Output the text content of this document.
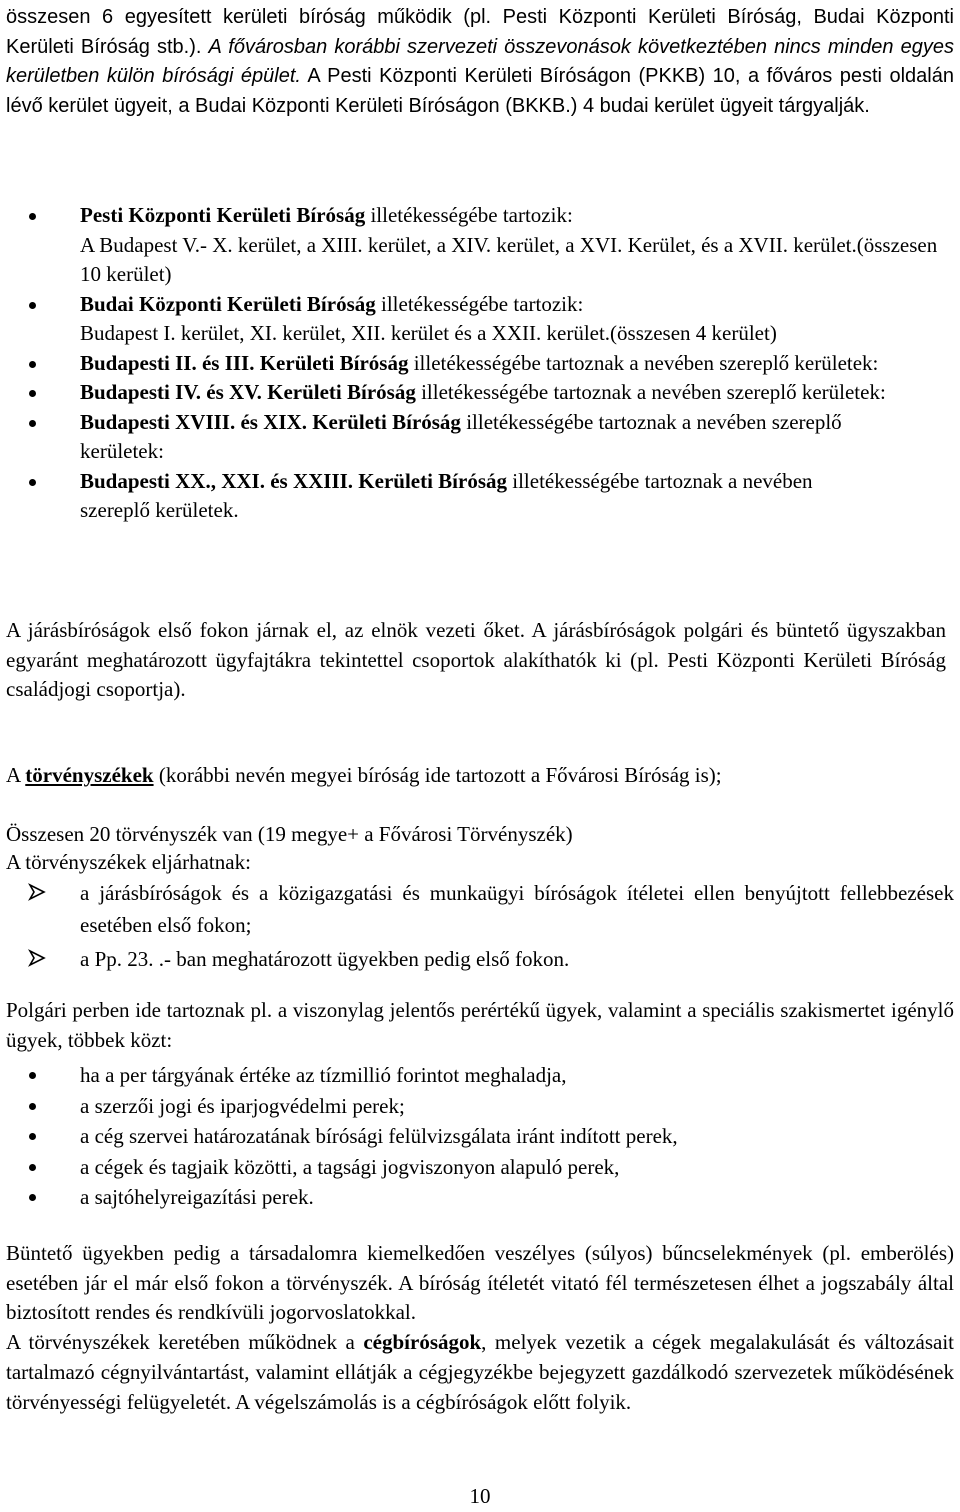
összesen 6 egyesített kerületi bíróság működik (pl. Pesti Központi Kerületi Bíróság, Budai Központi Kerületi Bíróság stb.). A fővárosban korábbi szervezeti összevonások következtében nincs minden egyes kerületben külön bírósági épület. A Pesti Központi Kerületi Bíróságon (PKKB) 10, a főváros pesti oldalán lévő kerület ügyeit, a Budai Központi Kerületi Bíróságon (BKKB.) 4 budai kerület ügyeit tárgyalják.

Pesti Központi Kerületi Bíróság illetékességébe tartozik:
A Budapest V.- X. kerület, a XIII. kerület, a XIV. kerület, a XVI. Kerület, és a XVII. kerület.(összesen 10 kerület)
Budai Központi Kerületi Bíróság illetékességébe tartozik:
Budapest I. kerület, XI. kerület, XII. kerület és a XXII. kerület.(összesen 4 kerület)
Budapesti II. és III. Kerületi Bíróság illetékességébe tartoznak a nevében szereplő kerületek:
Budapesti IV. és XV. Kerületi Bíróság illetékességébe tartoznak a nevében szereplő kerületek:
Budapesti XVIII. és XIX. Kerületi Bíróság illetékességébe tartoznak a nevében szereplő kerületek:
Budapesti XX., XXI. és XXIII. Kerületi Bíróság illetékességébe tartoznak a nevében szereplő kerületek.

A járásbíróságok első fokon járnak el, az elnök vezeti őket. A járásbíróságok polgári és büntető ügyszakban egyaránt meghatározott ügyfajtákra tekintettel csoportok alakíthatók ki (pl. Pesti Központi Kerületi Bíróság családjogi csoportja).

A törvényszékek (korábbi nevén megyei bíróság ide tartozott a Fővárosi Bíróság is);

Összesen 20 törvényszék van (19 megye+ a Fővárosi Törvényszék)

A törvényszékek eljárhatnak:

a járásbíróságok és a közigazgatási és munkaügyi bíróságok ítéletei ellen benyújtott fellebbezések esetében első fokon;
a Pp. 23. .- ban meghatározott ügyekben pedig első fokon.

Polgári perben ide tartoznak pl. a viszonylag jelentős perértékű ügyek, valamint a speciális szakismertet igénylő ügyek, többek közt:

ha a per tárgyának értéke az tízmillió forintot meghaladja,
a szerzői jogi és iparjogvédelmi perek;
a cég szervei határozatának bírósági felülvizsgálata iránt indított perek,
a cégek és tagjaik közötti, a tagsági jogviszonyon alapuló perek,
a sajtóhelyreigazítási perek.

Büntető ügyekben pedig a társadalomra kiemelkedően veszélyes (súlyos) bűncselekmények (pl. emberölés) esetében jár el már első fokon a törvényszék. A bíróság ítéletét vitató fél természetesen élhet a jogszabály által biztosított rendes és rendkívüli jogorvoslatokkal.

A törvényszékek keretében működnek a cégbíróságok, melyek vezetik a cégek megalakulását és változásait tartalmazó cégnyilvántartást, valamint ellátják a cégjegyzékbe bejegyzett gazdálkodó szervezetek működésének törvényességi felügyeletét. A végelszámolás is a cégbíróságok előtt folyik.

10
